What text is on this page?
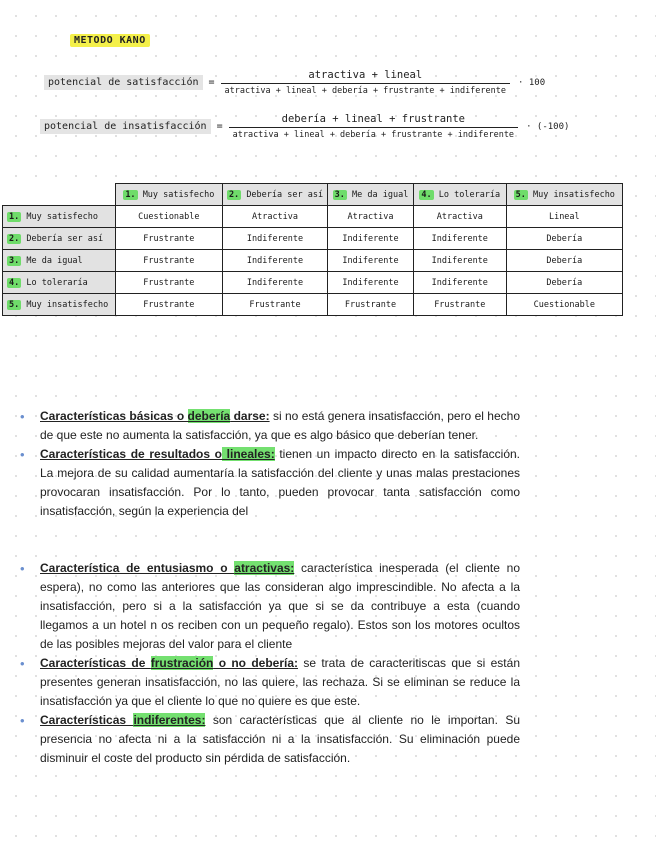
METODO KANO
potencial de satisfacción	= $\frac{\text{atractiva + lineal}}{\text{atractiva + lineal + debería + frustrante + indiferente}} \cdot 100$
potencial de insatisfacción	= $\frac{\text{debería + lineal + frustrante}}{\text{atractiva + lineal + debería + frustrante + indiferente}} \cdot (-100)$
	1. Muy satisfecho	2. Debería ser así	3. Me da igual	4. Lo toleraría	5. Muy insatisfecho
1. Muy satisfecho	Cuestionable	Atractiva	Atractiva	Atractiva	Lineal
2. Debería ser así	Frustrante	Indiferente	Indiferente	Indiferente	Debería
3. Me da igual	Frustrante	Indiferente	Indiferente	Indiferente	Debería
4. Lo toleraría	Frustrante	Indiferente	Indiferente	Indiferente	Debería
5. Muy insatisfecho	Frustrante	Frustrante	Frustrante	Frustrante	Cuestionable
• Características básicas o debería darse: si no está genera insatisfacción, pero el hecho de que este no aumenta la satisfacción, ya que es algo básico que deberían tener.
• Características de resultados o lineales: tienen un impacto directo en la satisfacción. La mejora de su calidad aumentaría la satisfacción del cliente y unas malas prestaciones provocaran insatisfacción. Por lo tanto, pueden provocar tanta satisfacción como insatisfacción, según la experiencia del
• Característica de entusiasmo o atractivas: característica inesperada (el cliente no espera), no como las anteriores que las consideran algo imprescindible. No afecta a la insatisfacción, pero si a la satisfacción ya que si se da contribuye a esta (cuando llegamos a un hotel n os reciben con un pequeño regalo). Estos son los motores ocultos de las posibles mejoras del valor para el cliente
• Características de frustración o no debería: se trata de caracteritiscas que si están presentes generan insatisfacción, no las quiere, las rechaza. Si se eliminan se reduce la insatisfacción ya que el cliente lo que no quiere es que este.
• Características indiferentes: son características que al cliente no le importan. Su presencia no afecta ni a la satisfacción ni a la insatisfacción. Su eliminación puede disminuir el coste del producto sin pérdida de satisfacción.
